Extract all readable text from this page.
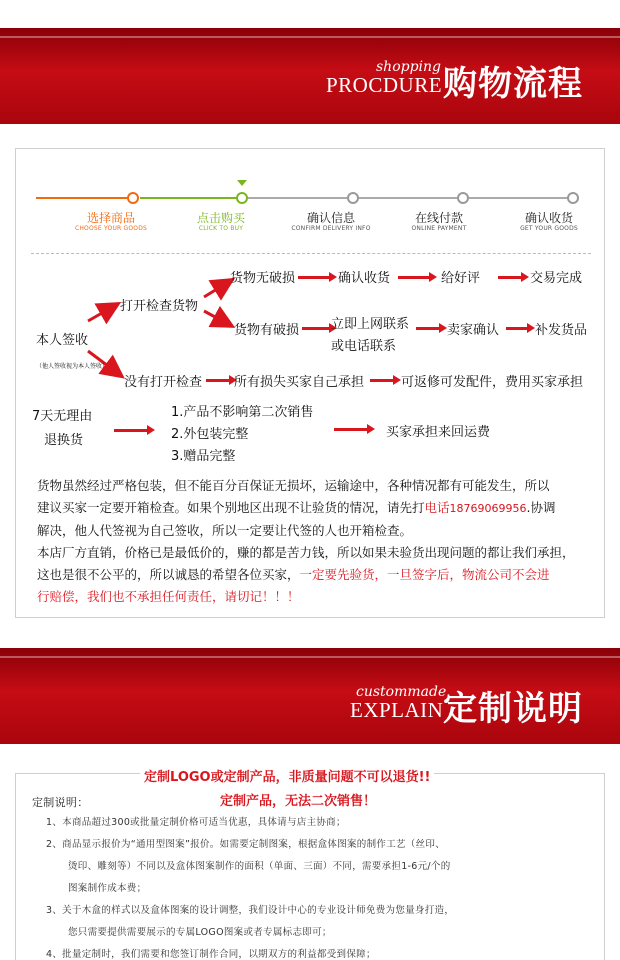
shopping
PROCDURE 购物流程
选择商品
CHOOSE YOUR GOODS
点击购买
CLICK TO BUY
确认信息
CONFIRM DELIVERY INFO
在线付款
ONLINE PAYMENT
确认收货
GET YOUR GOODS
货物无破损	确认收货	给好评	交易完成
打开检查货物
货物有破损 立即上网联系
或电话联系
卖家确认	补发货品
本人签收
（他人签收视为本人签收）
没有打开检查 所有损失买家自己承担	可返修可发配件，费用买家承担
7天无理由
退换货
1.产品不影响第二次销售
2.外包装完整
3.赠品完整
买家承担来回运费
货物虽然经过严格包装，但不能百分百保证无损坏，运输途中，各种情况都有可能发生，所以
建议买家一定要开箱检查。如果个别地区出现不让验货的情况，请先打电话18769069956.协调
解决，他人代签视为自己签收，所以一定要让代签的人也开箱检查。
本店厂方直销，价格已是最低价的，赚的都是苦力钱，所以如果未验货出现问题的都让我们承担，
这也是很不公平的，所以诚恳的希望各位买家，一定要先验货，一旦签字后，物流公司不会进
行赔偿，我们也不承担任何责任，请切记！！！
custommade
EXPLAIN 定制说明
定制LOGO或定制产品，非质量问题不可以退货!!
定制产品，无法二次销售！
定制说明：
1、本商品超过300或批量定制价格可适当优惠，具体请与店主协商；
2、商品显示报价为“通用型图案”报价。如需要定制图案，根据盒体图案的制作工艺（丝印、
烫印、雕刻等）不同以及盒体图案制作的面积（单面、三面）不同，需要承担1-6元/个的
图案制作成本费；
3、关于木盒的样式以及盒体图案的设计调整，我们设计中心的专业设计师免费为您量身打造，
您只需要提供需要展示的专属LOGO图案或者专属标志即可；
4、批量定制时，我们需要和您签订制作合同，以期双方的利益都受到保障；
